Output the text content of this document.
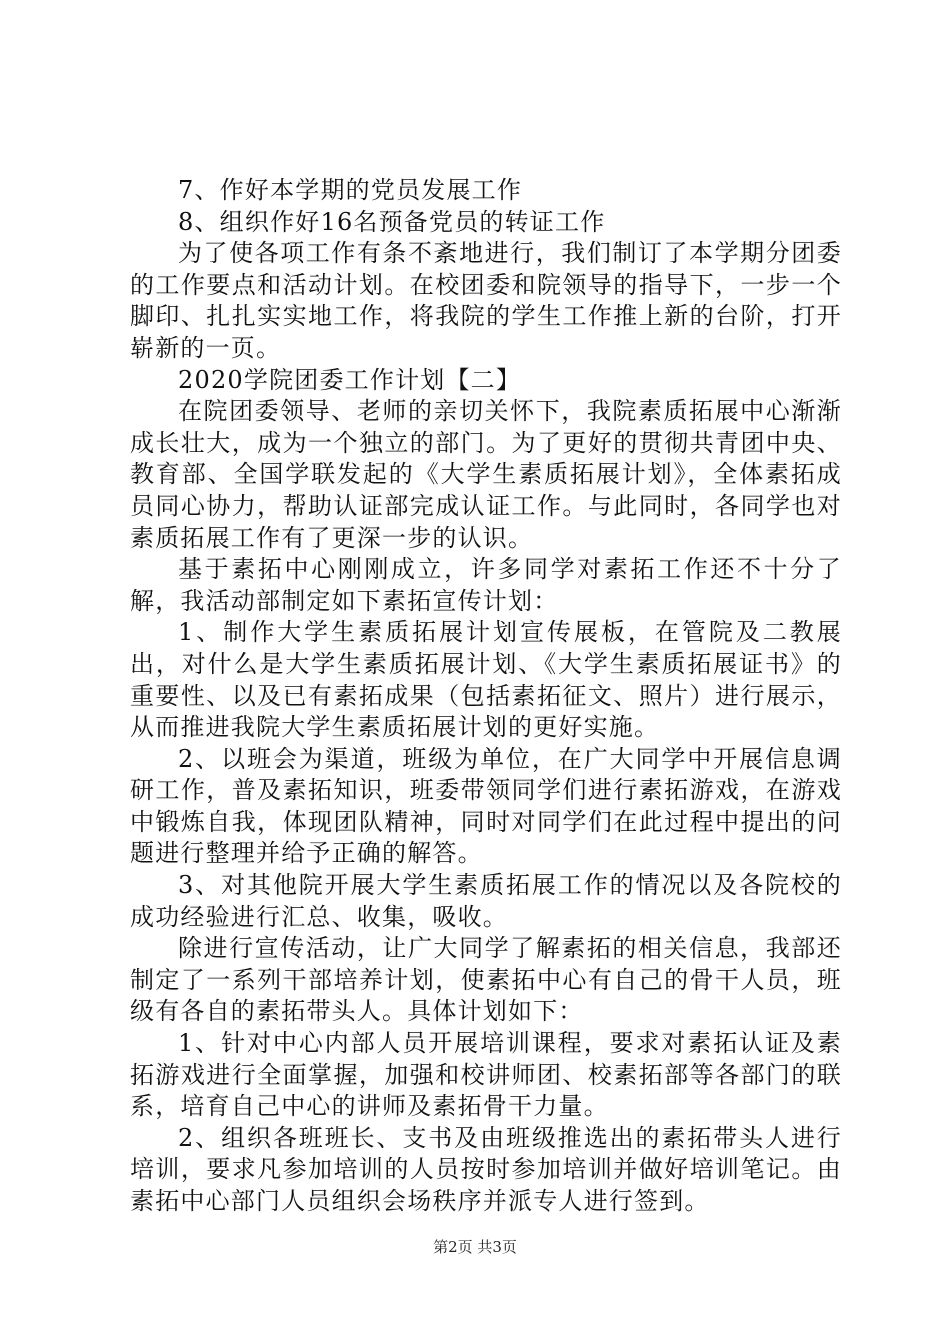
7、作好本学期的党员发展工作

8、组织作好16名预备党员的转证工作

为了使各项工作有条不紊地进行，我们制订了本学期分团委的工作要点和活动计划。在校团委和院领导的指导下，一步一个脚印、扎扎实实地工作，将我院的学生工作推上新的台阶，打开崭新的一页。

2020学院团委工作计划【二】

在院团委领导、老师的亲切关怀下，我院素质拓展中心渐渐成长壮大，成为一个独立的部门。为了更好的贯彻共青团中央、教育部、全国学联发起的《大学生素质拓展计划》，全体素拓成员同心协力，帮助认证部完成认证工作。与此同时，各同学也对素质拓展工作有了更深一步的认识。

基于素拓中心刚刚成立，许多同学对素拓工作还不十分了解，我活动部制定如下素拓宣传计划：

1、制作大学生素质拓展计划宣传展板，在管院及二教展出，对什么是大学生素质拓展计划、《大学生素质拓展证书》的重要性、以及已有素拓成果（包括素拓征文、照片）进行展示，从而推进我院大学生素质拓展计划的更好实施。

2、以班会为渠道，班级为单位，在广大同学中开展信息调研工作，普及素拓知识，班委带领同学们进行素拓游戏，在游戏中锻炼自我，体现团队精神，同时对同学们在此过程中提出的问题进行整理并给予正确的解答。

3、对其他院开展大学生素质拓展工作的情况以及各院校的成功经验进行汇总、收集，吸收。

除进行宣传活动，让广大同学了解素拓的相关信息，我部还制定了一系列干部培养计划，使素拓中心有自己的骨干人员，班级有各自的素拓带头人。具体计划如下：

1、针对中心内部人员开展培训课程，要求对素拓认证及素拓游戏进行全面掌握，加强和校讲师团、校素拓部等各部门的联系，培育自己中心的讲师及素拓骨干力量。

2、组织各班班长、支书及由班级推选出的素拓带头人进行培训，要求凡参加培训的人员按时参加培训并做好培训笔记。由素拓中心部门人员组织会场秩序并派专人进行签到。

第2页 共3页
